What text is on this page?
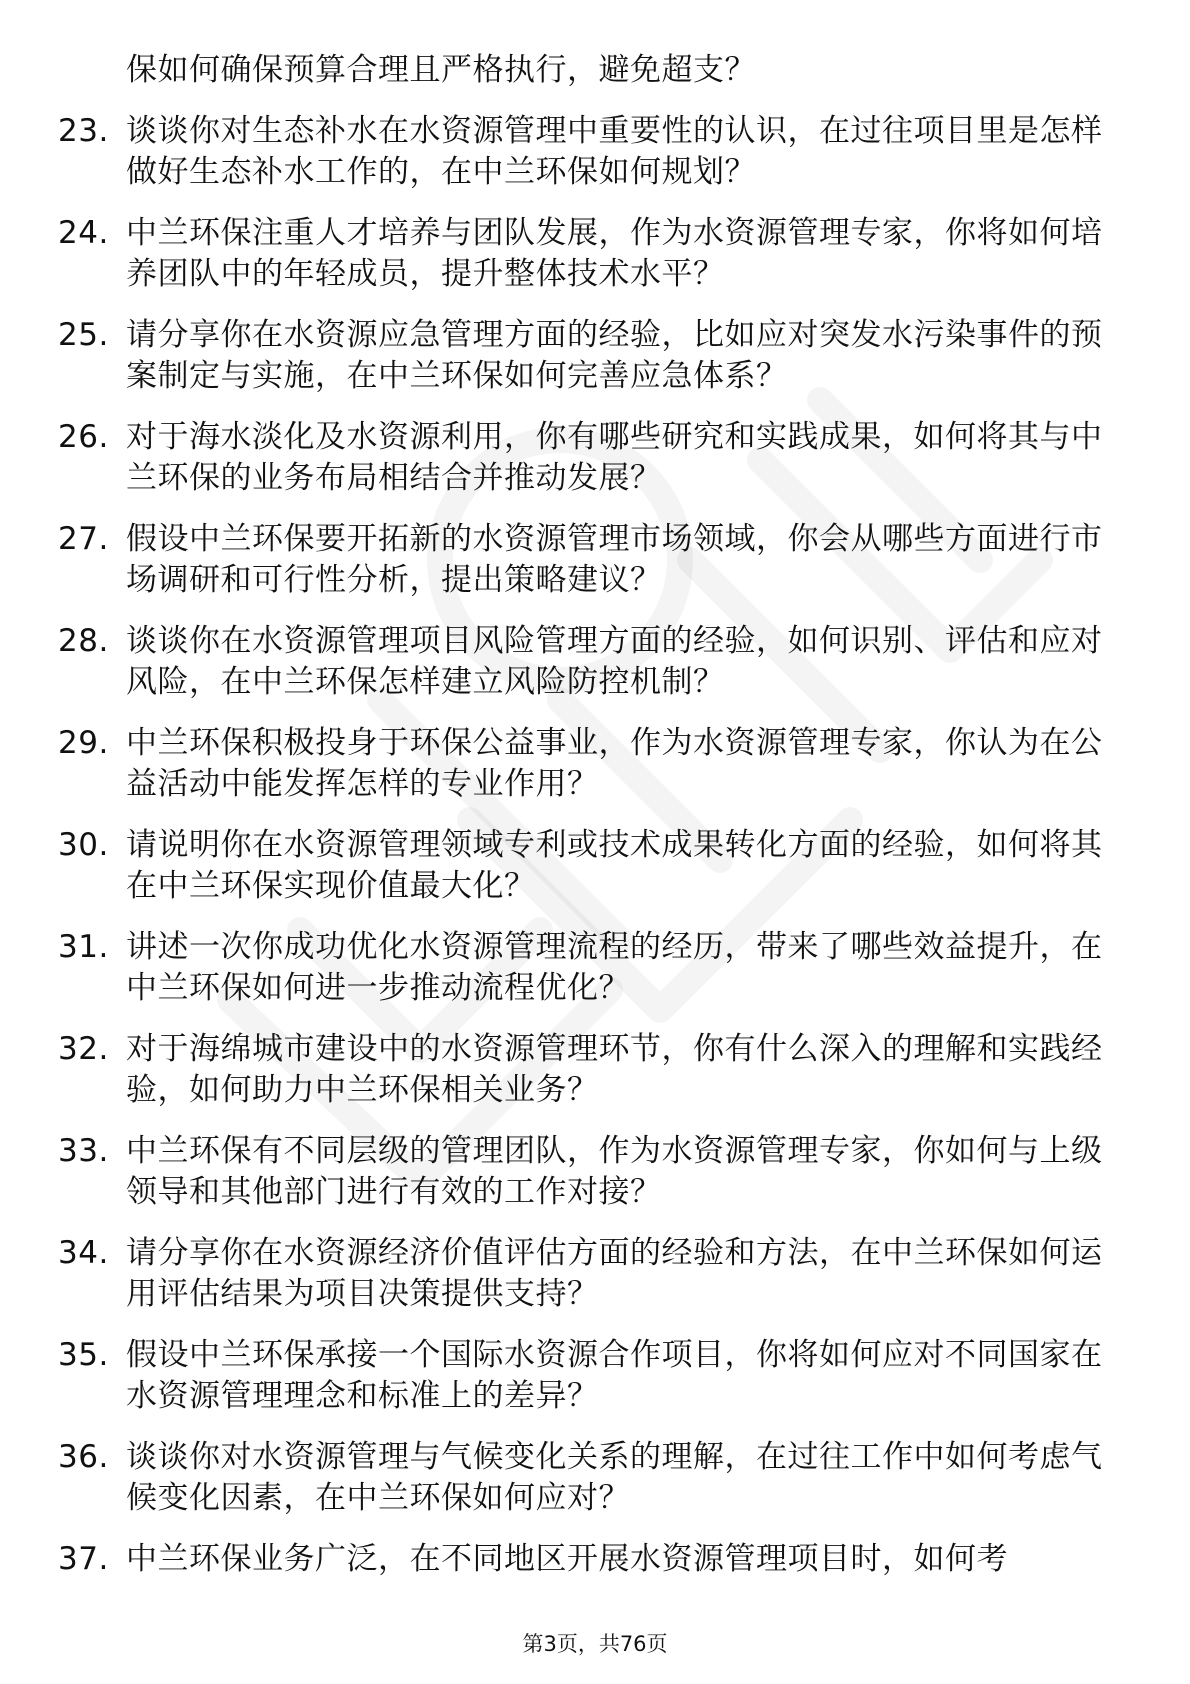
保如何确保预算合理且严格执行，避免超支？
23. 谈谈你对生态补水在水资源管理中重要性的认识，在过往项目里是怎样做好生态补水工作的，在中兰环保如何规划？
24. 中兰环保注重人才培养与团队发展，作为水资源管理专家，你将如何培养团队中的年轻成员，提升整体技术水平？
25. 请分享你在水资源应急管理方面的经验，比如应对突发水污染事件的预案制定与实施，在中兰环保如何完善应急体系？
26. 对于海水淡化及水资源利用，你有哪些研究和实践成果，如何将其与中兰环保的业务布局相结合并推动发展？
27. 假设中兰环保要开拓新的水资源管理市场领域，你会从哪些方面进行市场调研和可行性分析，提出策略建议？
28. 谈谈你在水资源管理项目风险管理方面的经验，如何识别、评估和应对风险，在中兰环保怎样建立风险防控机制？
29. 中兰环保积极投身于环保公益事业，作为水资源管理专家，你认为在公益活动中能发挥怎样的专业作用？
30. 请说明你在水资源管理领域专利或技术成果转化方面的经验，如何将其在中兰环保实现价值最大化？
31. 讲述一次你成功优化水资源管理流程的经历，带来了哪些效益提升，在中兰环保如何进一步推动流程优化？
32. 对于海绵城市建设中的水资源管理环节，你有什么深入的理解和实践经验，如何助力中兰环保相关业务？
33. 中兰环保有不同层级的管理团队，作为水资源管理专家，你如何与上级领导和其他部门进行有效的工作对接？
34. 请分享你在水资源经济价值评估方面的经验和方法，在中兰环保如何运用评估结果为项目决策提供支持？
35. 假设中兰环保承接一个国际水资源合作项目，你将如何应对不同国家在水资源管理理念和标准上的差异？
36. 谈谈你对水资源管理与气候变化关系的理解，在过往工作中如何考虑气候变化因素，在中兰环保如何应对？
37. 中兰环保业务广泛，在不同地区开展水资源管理项目时，如何考
第3页，共76页
